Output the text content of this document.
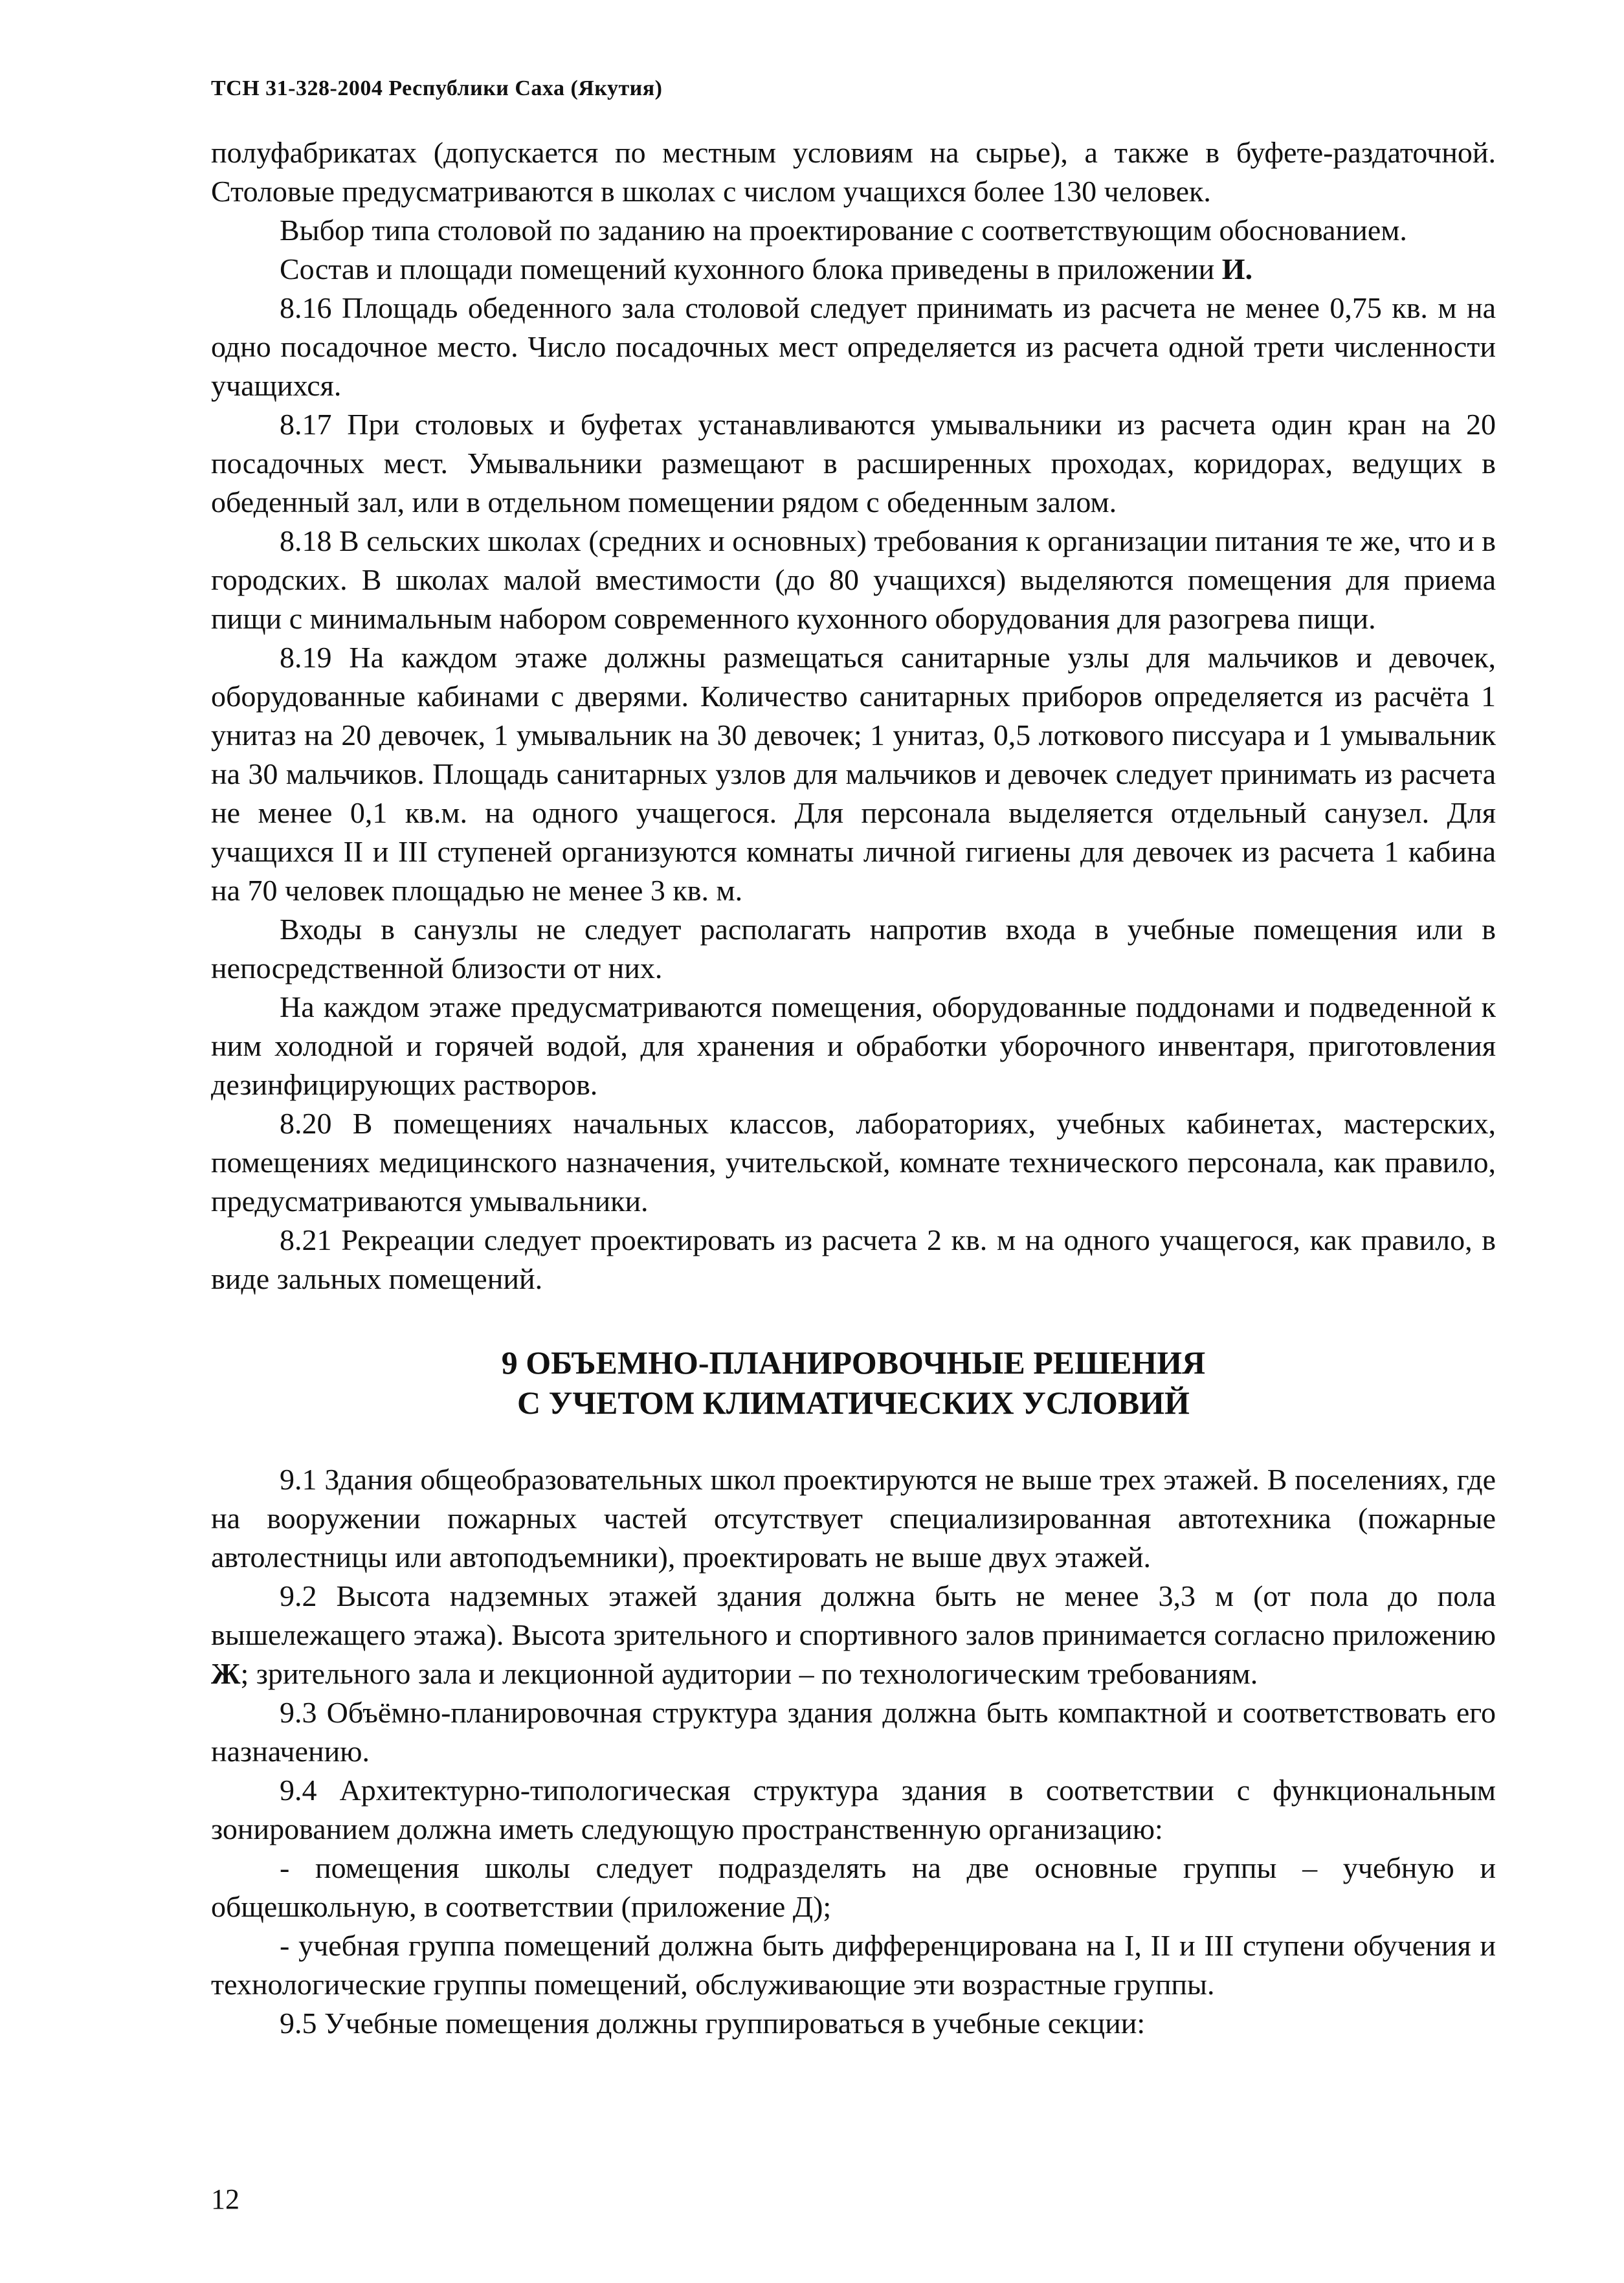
ТСН 31-328-2004 Республики Саха (Якутия)

полуфабрикатах (допускается по местным условиям на сырье), а также в буфете-раздаточной. Столовые предусматриваются в школах с числом учащихся более 130 человек.

Выбор типа столовой по заданию на проектирование с соответствующим обоснованием.

Состав и площади помещений кухонного блока приведены в приложении И.

8.16 Площадь обеденного зала столовой следует принимать из расчета не менее 0,75 кв. м на одно посадочное место. Число посадочных мест определяется из расчета одной трети численности учащихся.

8.17 При столовых и буфетах устанавливаются умывальники из расчета один кран на 20 посадочных мест. Умывальники размещают в расширенных проходах, коридорах, ведущих в обеденный зал, или в отдельном помещении рядом с обеденным залом.

8.18 В сельских школах (средних и основных) требования к организации питания те же, что и в городских. В школах малой вместимости (до 80 учащихся) выделяются помещения для приема пищи с минимальным набором современного кухонного оборудования для разогрева пищи.

8.19 На каждом этаже должны размещаться санитарные узлы для мальчиков и девочек, оборудованные кабинами с дверями. Количество санитарных приборов определяется из расчёта 1 унитаз на 20 девочек, 1 умывальник на 30 девочек; 1 унитаз, 0,5 лоткового писсуара и 1 умывальник на 30 мальчиков. Площадь санитарных узлов для мальчиков и девочек следует принимать из расчета не менее 0,1 кв.м. на одного учащегося. Для персонала выделяется отдельный санузел. Для учащихся II и III ступеней организуются комнаты личной гигиены для девочек из расчета 1 кабина на 70 человек площадью не менее 3 кв. м.

Входы в санузлы не следует располагать напротив входа в учебные помещения или в непосредственной близости от них.

На каждом этаже предусматриваются помещения, оборудованные поддонами и подведенной к ним холодной и горячей водой, для хранения и обработки уборочного инвентаря, приготовления дезинфицирующих растворов.

8.20 В помещениях начальных классов, лабораториях, учебных кабинетах, мастерских, помещениях медицинского назначения, учительской, комнате технического персонала, как правило, предусматриваются умывальники.

8.21 Рекреации следует проектировать из расчета 2 кв. м на одного учащегося, как правило, в виде зальных помещений.

9 ОБЪЕМНО-ПЛАНИРОВОЧНЫЕ РЕШЕНИЯ
С УЧЕТОМ КЛИМАТИЧЕСКИХ УСЛОВИЙ

9.1 Здания общеобразовательных школ проектируются не выше трех этажей. В поселениях, где на вооружении пожарных частей отсутствует специализированная автотехника (пожарные автолестницы или автоподъемники), проектировать не выше двух этажей.

9.2 Высота надземных этажей здания должна быть не менее 3,3 м (от пола до пола вышележащего этажа). Высота зрительного и спортивного залов принимается согласно приложению Ж; зрительного зала и лекционной аудитории – по технологическим требованиям.

9.3 Объёмно-планировочная структура здания должна быть компактной и соответствовать его назначению.

9.4 Архитектурно-типологическая структура здания в соответствии с функциональным зонированием должна иметь следующую пространственную организацию:

- помещения школы следует подразделять на две основные группы – учебную и общешкольную, в соответствии (приложение Д);

- учебная группа помещений должна быть дифференцирована на I, II и III ступени обучения и технологические группы помещений, обслуживающие эти возрастные группы.

9.5 Учебные помещения должны группироваться в учебные секции:

12
